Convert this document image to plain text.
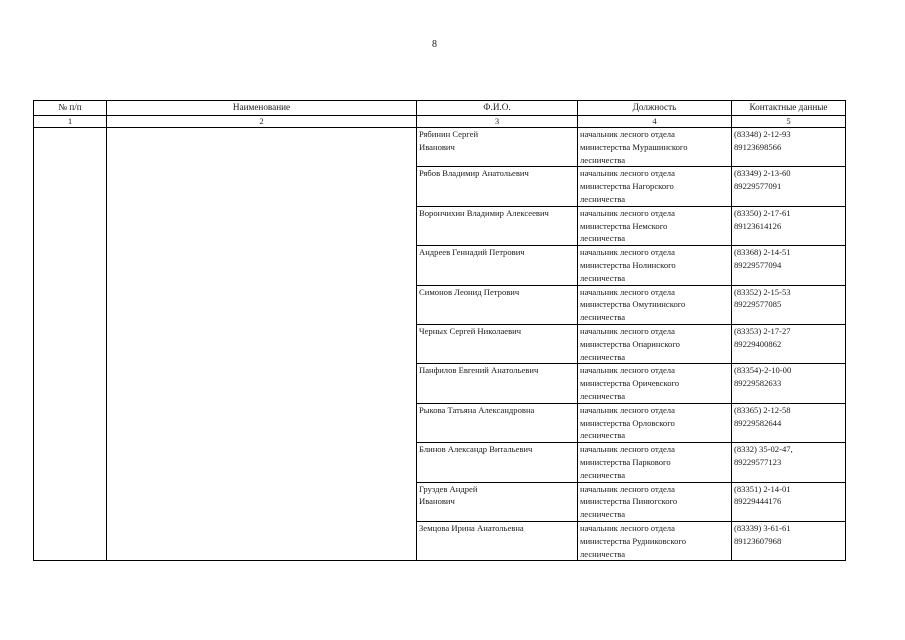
8
№ п/п	Наименование	Ф.И.О.	Должность	Контактные данные
1	2	3	4	5

		Рябинин Сергей
Иванович	начальник лесного отдела
министерства Мурашинского
лесничества	(83348) 2-12-93
89123698566

		Рябов Владимир Анатольевич	начальник лесного отдела
министерства Нагорского
лесничества	(83349) 2-13-60
89229577091

		Ворончихин Владимир Алексеевич	начальник лесного отдела
министерства Немского
лесничества	(83350) 2-17-61
89123614126

		Андреев Геннадий Петрович	начальник лесного отдела
министерства Нолинского
лесничества	(83368) 2-14-51
89229577094

		Симонов Леонид Петрович	начальник лесного отдела
министерства Омутнинского
лесничества	(83352) 2-15-53
89229577085

		Черных Сергей Николаевич	начальник лесного отдела
министерства Опаринского
лесничества	(83353) 2-17-27
89229400862

		Панфилов Евгений Анатольевич	начальник лесного отдела
министерства Оричевского
лесничества	(83354)-2-10-00
89229582633

		Рыкова Татьяна Александровна	начальник лесного отдела
министерства Орловского
лесничества	(83365) 2-12-58
89229582644

		Блинов Александр Витальевич	начальник лесного отдела
министерства Паркового
лесничества	(8332) 35-02-47,
89229577123

		Груздев Андрей
Иванович	начальник лесного отдела
министерства Пинюгского
лесничества	(83351) 2-14-01
89229444176

		Земцова Ирина Анатольевна	начальник лесного отдела
министерства Рудниковского
лесничества	(83339) 3-61-61
89123607968
